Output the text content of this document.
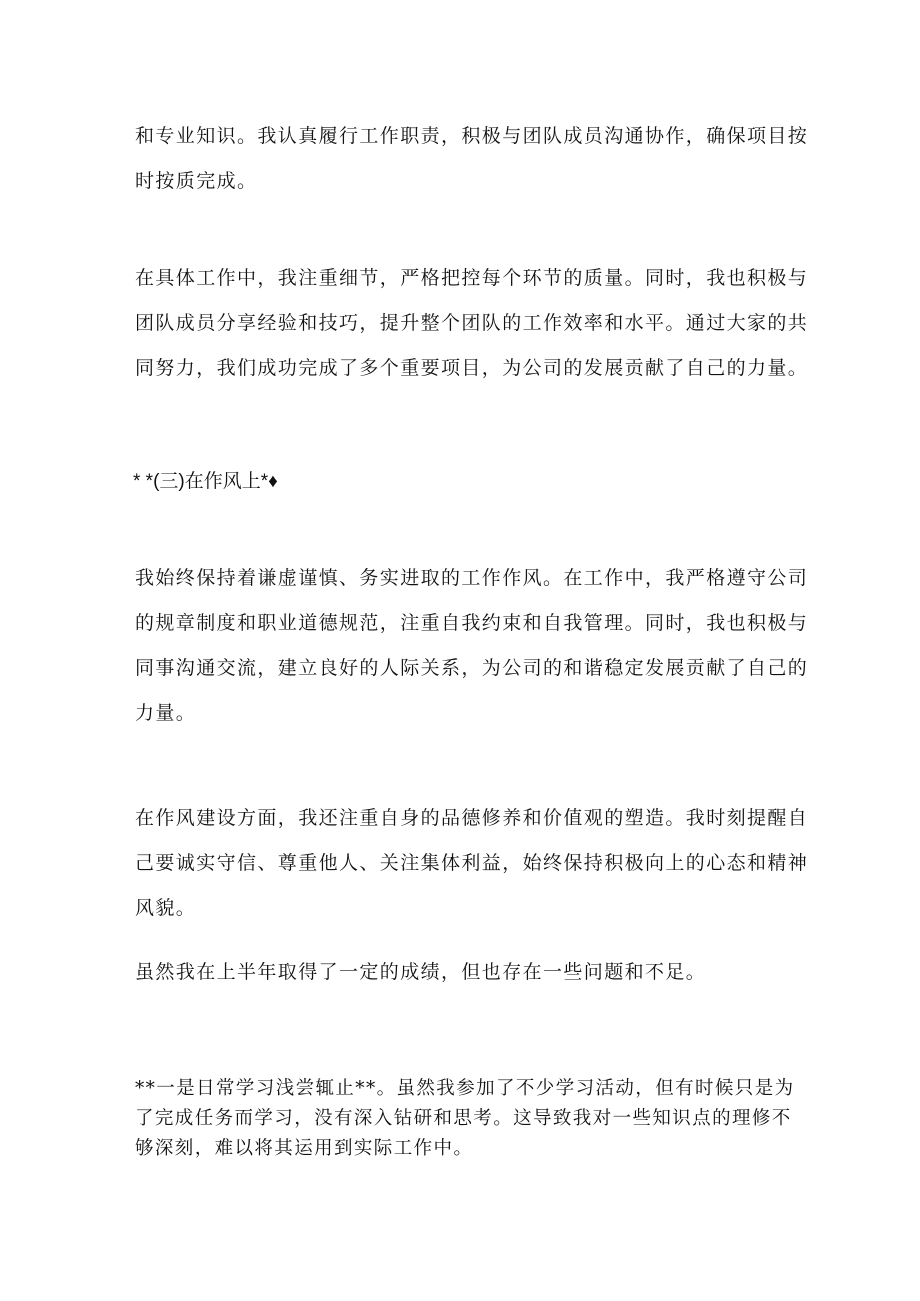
和专业知识。我认真履行工作职责，积极与团队成员沟通协作，确保项目按
时按质完成。

在具体工作中，我注重细节，严格把控每个环节的质量。同时，我也积极与
团队成员分享经验和技巧，提升整个团队的工作效率和水平。通过大家的共
同努力，我们成功完成了多个重要项目，为公司的发展贡献了自己的力量。

* *(三)在作风上*♦

我始终保持着谦虚谨慎、务实进取的工作作风。在工作中，我严格遵守公司
的规章制度和职业道德规范，注重自我约束和自我管理。同时，我也积极与
同事沟通交流，建立良好的人际关系，为公司的和谐稳定发展贡献了自己的
力量。

在作风建设方面，我还注重自身的品德修养和价值观的塑造。我时刻提醒自
己要诚实守信、尊重他人、关注集体利益，始终保持积极向上的心态和精神
风貌。

虽然我在上半年取得了一定的成绩，但也存在一些问题和不足。

**一是日常学习浅尝辄止**。虽然我参加了不少学习活动，但有时候只是为
了完成任务而学习，没有深入钻研和思考。这导致我对一些知识点的理修不
够深刻，难以将其运用到实际工作中。
